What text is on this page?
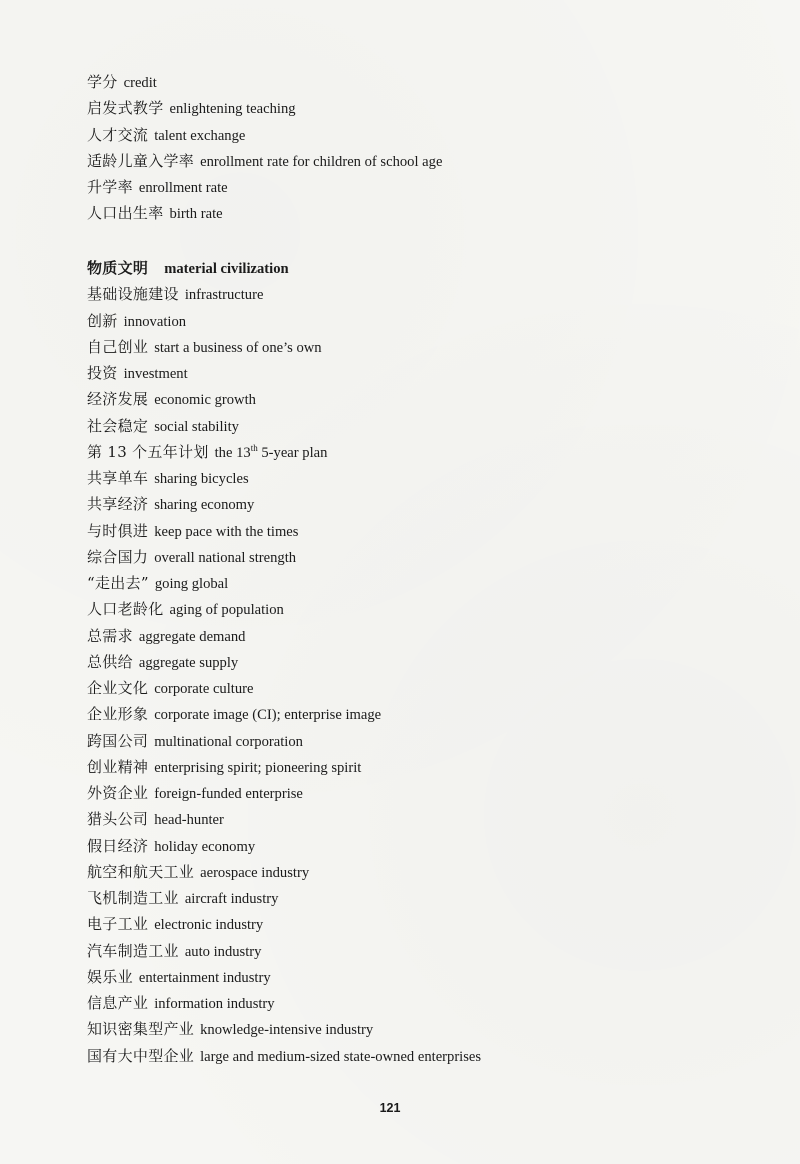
学分 credit
启发式教学 enlightening teaching
人才交流 talent exchange
适龄儿童入学率 enrollment rate for children of school age
升学率 enrollment rate
人口出生率 birth rate
物质文明 material civilization
基础设施建设 infrastructure
创新 innovation
自己创业 start a business of one’s own
投资 investment
经济发展 economic growth
社会稳定 social stability
第 13 个五年计划 the 13th 5-year plan
共享单车 sharing bicycles
共享经济 sharing economy
与时俱进 keep pace with the times
综合国力 overall national strength
“走出去” going global
人口老龄化 aging of population
总需求 aggregate demand
总供给 aggregate supply
企业文化 corporate culture
企业形象 corporate image (CI); enterprise image
跨国公司 multinational corporation
创业精神 enterprising spirit; pioneering spirit
外资企业 foreign-funded enterprise
猎头公司 head-hunter
假日经济 holiday economy
航空和航天工业 aerospace industry
飞机制造工业 aircraft industry
电子工业 electronic industry
汽车制造工业 auto industry
娱乐业 entertainment industry
信息产业 information industry
知识密集型产业 knowledge-intensive industry
国有大中型企业 large and medium-sized state-owned enterprises
121
